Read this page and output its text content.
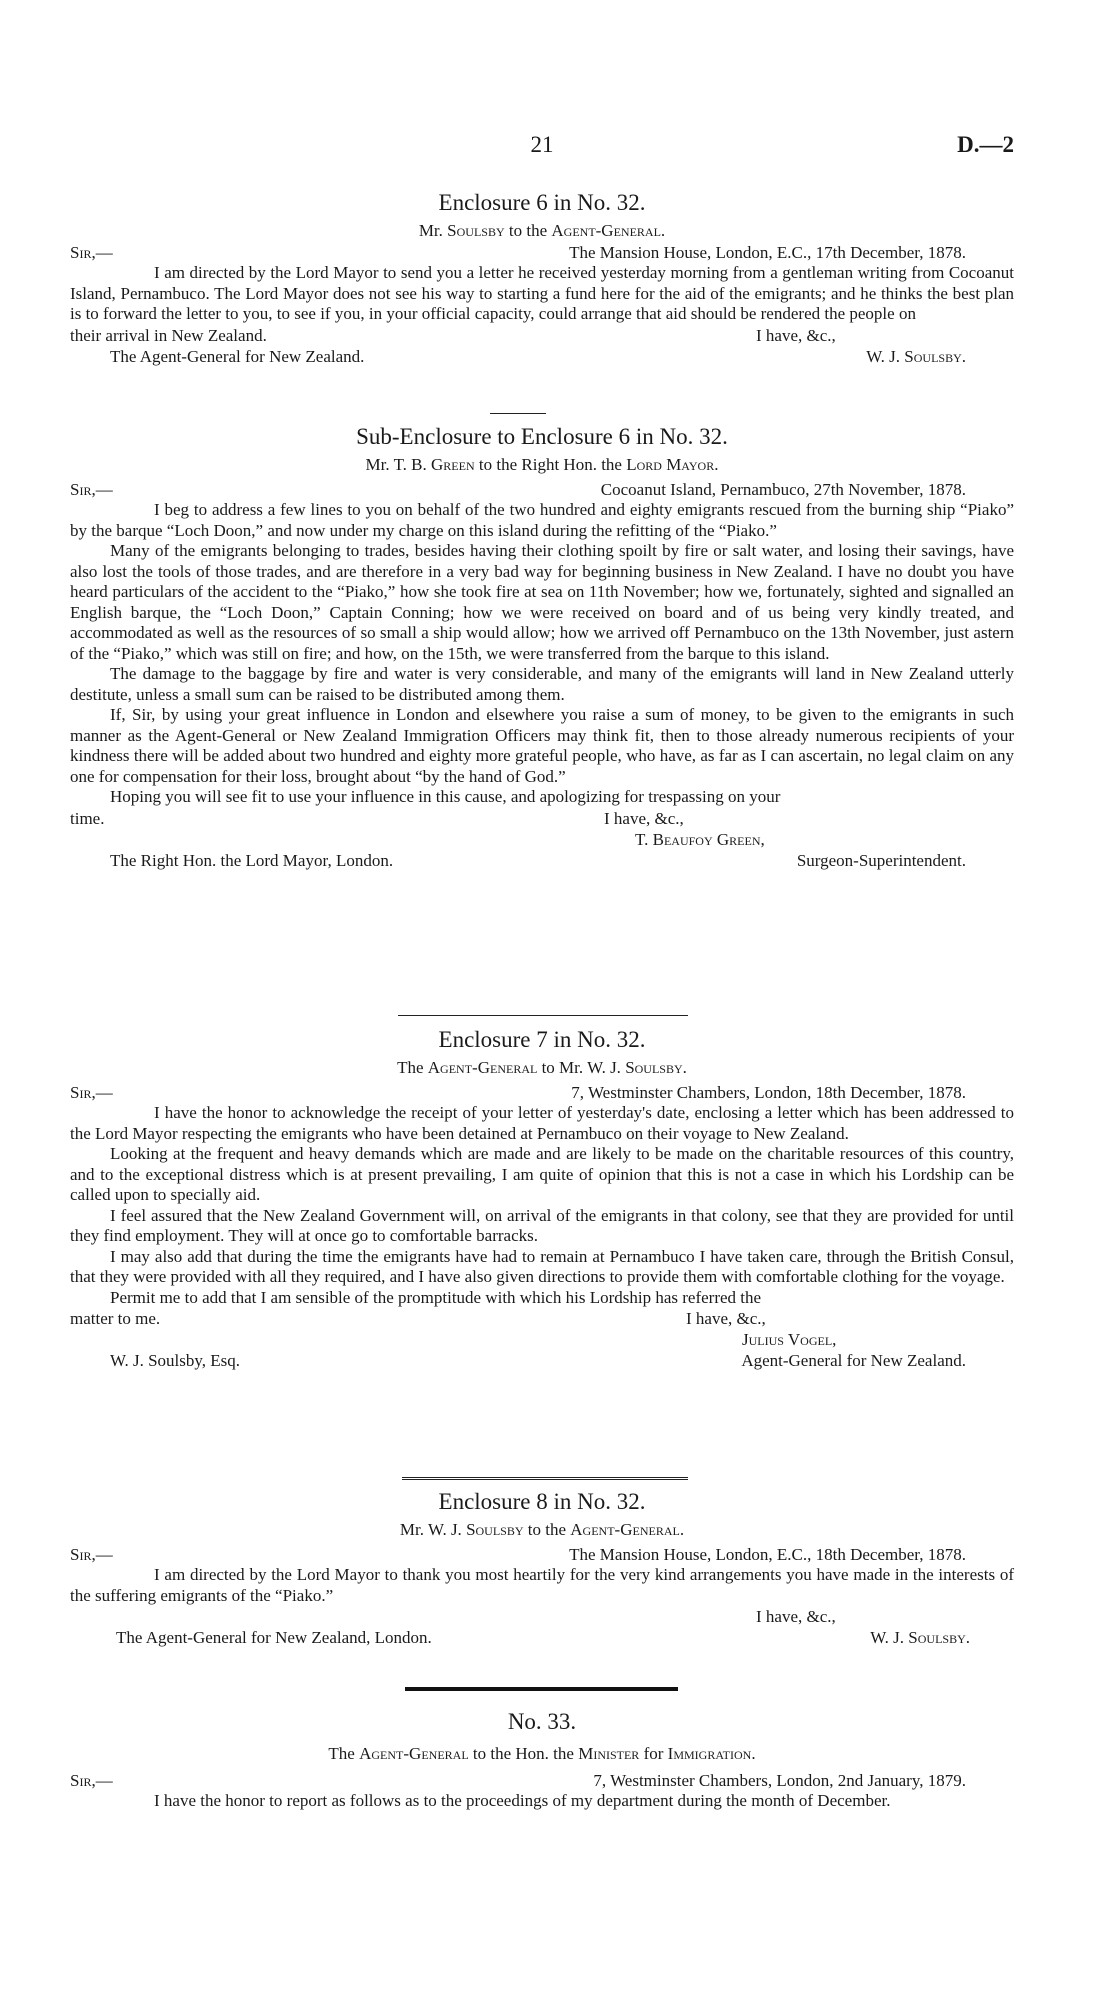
21	D.—2
Enclosure 6 in No. 32.
Mr. Soulsby to the Agent-General.
Sir,—	The Mansion House, London, E.C., 17th December, 1878.

I am directed by the Lord Mayor to send you a letter he received yesterday morning from a gentleman writing from Cocoanut Island, Pernambuco. The Lord Mayor does not see his way to starting a fund here for the aid of the emigrants; and he thinks the best plan is to forward the letter to you, to see if you, in your official capacity, could arrange that aid should be rendered the people on

their arrival in New Zealand.	I have, &c.,
The Agent-General for New Zealand.	W. J. Soulsby.
Sub-Enclosure to Enclosure 6 in No. 32.
Mr. T. B. Green to the Right Hon. the Lord Mayor.
Sir,—	Cocoanut Island, Pernambuco, 27th November, 1878.

I beg to address a few lines to you on behalf of the two hundred and eighty emigrants rescued from the burning ship “Piako” by the barque “Loch Doon,” and now under my charge on this island during the refitting of the “Piako.”

Many of the emigrants belonging to trades, besides having their clothing spoilt by fire or salt water, and losing their savings, have also lost the tools of those trades, and are therefore in a very bad way for beginning business in New Zealand. I have no doubt you have heard particulars of the accident to the “Piako,” how she took fire at sea on 11th November; how we, fortunately, sighted and signalled an English barque, the “Loch Doon,” Captain Conning; how we were received on board and of us being very kindly treated, and accommodated as well as the resources of so small a ship would allow; how we arrived off Pernambuco on the 13th November, just astern of the “Piako,” which was still on fire; and how, on the 15th, we were transferred from the barque to this island.

The damage to the baggage by fire and water is very considerable, and many of the emigrants will land in New Zealand utterly destitute, unless a small sum can be raised to be distributed among them.

If, Sir, by using your great influence in London and elsewhere you raise a sum of money, to be given to the emigrants in such manner as the Agent-General or New Zealand Immigration Officers may think fit, then to those already numerous recipients of your kindness there will be added about two hundred and eighty more grateful people, who have, as far as I can ascertain, no legal claim on any one for compensation for their loss, brought about “by the hand of God.”

Hoping you will see fit to use your influence in this cause, and apologizing for trespassing on your

time.	I have, &c.,
T. Beaufoy Green,
The Right Hon. the Lord Mayor, London.	Surgeon-Superintendent.
Enclosure 7 in No. 32.
The Agent-General to Mr. W. J. Soulsby.
Sir,—	7, Westminster Chambers, London, 18th December, 1878.

I have the honor to acknowledge the receipt of your letter of yesterday's date, enclosing a letter which has been addressed to the Lord Mayor respecting the emigrants who have been detained at Pernambuco on their voyage to New Zealand.

Looking at the frequent and heavy demands which are made and are likely to be made on the charitable resources of this country, and to the exceptional distress which is at present prevailing, I am quite of opinion that this is not a case in which his Lordship can be called upon to specially aid.

I feel assured that the New Zealand Government will, on arrival of the emigrants in that colony, see that they are provided for until they find employment. They will at once go to comfortable barracks.

I may also add that during the time the emigrants have had to remain at Pernambuco I have taken care, through the British Consul, that they were provided with all they required, and I have also given directions to provide them with comfortable clothing for the voyage.

Permit me to add that I am sensible of the promptitude with which his Lordship has referred the

matter to me.	I have, &c.,
Julius Vogel,
W. J. Soulsby, Esq.	Agent-General for New Zealand.
Enclosure 8 in No. 32.
Mr. W. J. Soulsby to the Agent-General.
Sir,—	The Mansion House, London, E.C., 18th December, 1878.

I am directed by the Lord Mayor to thank you most heartily for the very kind arrangements you have made in the interests of the suffering emigrants of the “Piako.”

I have, &c.,
The Agent-General for New Zealand, London.	W. J. Soulsby.
No. 33.
The Agent-General to the Hon. the Minister for Immigration.
Sir,—	7, Westminster Chambers, London, 2nd January, 1879.

I have the honor to report as follows as to the proceedings of my department during the month of December.
